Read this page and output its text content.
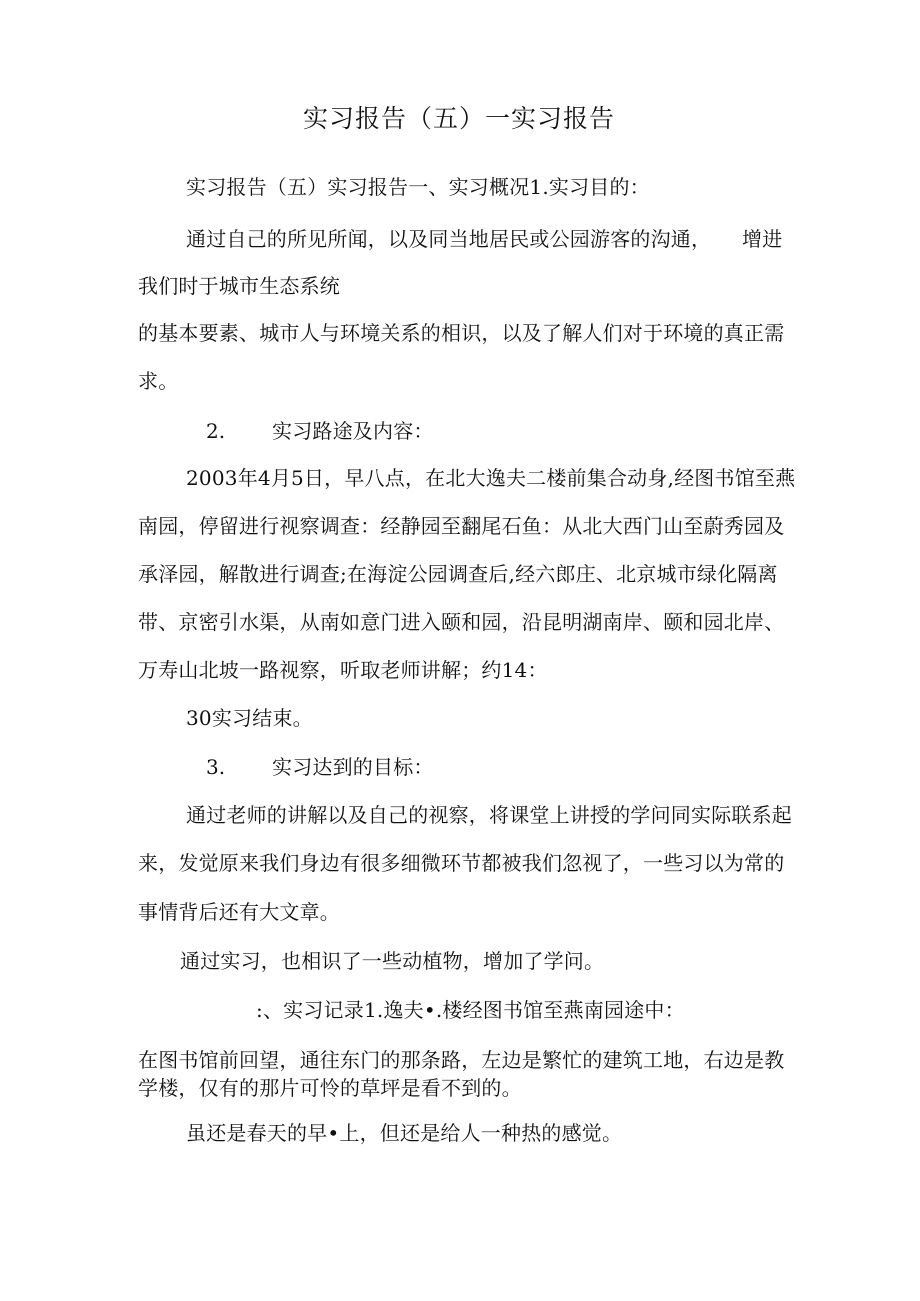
实习报告（五）一实习报告
实习报告（五）实习报告一、实习概况1.实习目的：
通过自己的所见所闻，以及同当地居民或公园游客的沟通， 增进
我们时于城市生态系统
的基本要素、城市人与环境关系的相识，以及了解人们对于环境的真正需
求。
2. 实习路途及内容：
2003年4月5日，早八点，在北大逸夫二楼前集合动身,经图书馆至燕
南园，停留进行视察调查：经静园至翻尾石鱼：从北大西门山至蔚秀园及
承泽园，解散进行调查;在海淀公园调查后,经六郎庄、北京城市绿化隔离
带、京密引水渠，从南如意门进入颐和园，沿昆明湖南岸、颐和园北岸、
万寿山北坡一路视察，听取老师讲解；约14：
30实习结束。
3. 实习达到的目标：
通过老师的讲解以及自己的视察，将课堂上讲授的学问同实际联系起
来，发觉原来我们身边有很多细微环节都被我们忽视了，一些习以为常的
事情背后还有大文章。
通过实习，也相识了一些动植物，增加了学问。
:、实习记录1.逸夫•.楼经图书馆至燕南园途中：
在图书馆前回望，通往东门的那条路，左边是繁忙的建筑工地，右边是教
学楼，仅有的那片可怜的草坪是看不到的。
虽还是春天的早•上，但还是给人一种热的感觉。
